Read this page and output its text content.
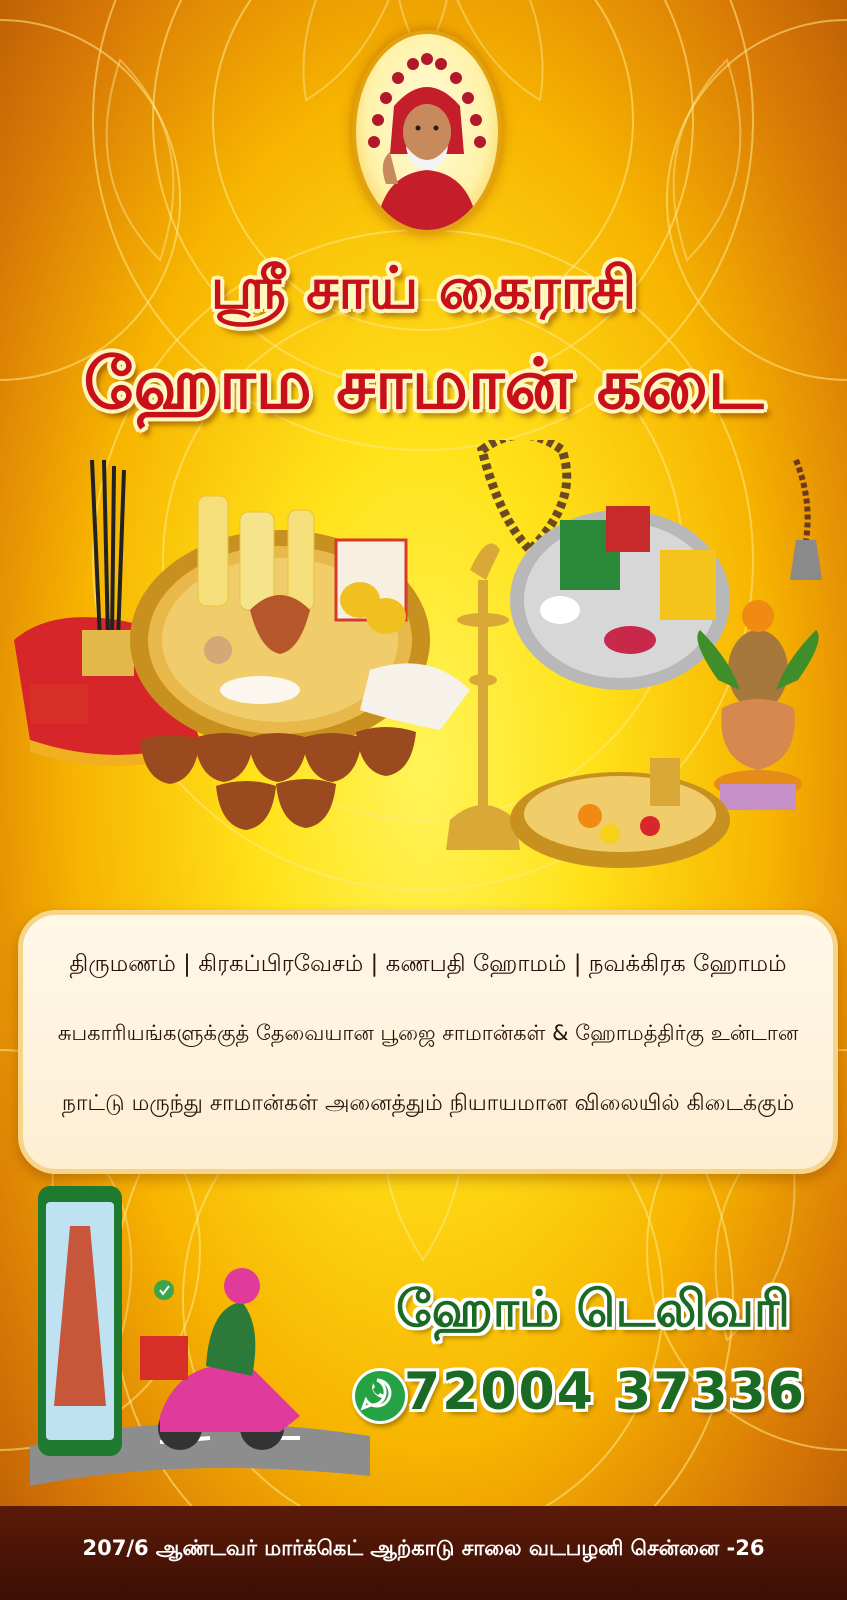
ஸ்ரீ சாய் கைராசி
ஹோம சாமான் கடை
திருமணம் | கிரகப்பிரவேசம் | கணபதி ஹோமம் | நவக்கிரக ஹோமம்
சுபகாரியங்களுக்குத் தேவையான பூஜை சாமான்கள் & ஹோமத்திர்கு உன்டான
நாட்டு மருந்து சாமான்கள் அனைத்தும் நியாயமான விலையில் கிடைக்கும்
ஹோம் டெலிவரி
72004 37336
207/6 ஆண்டவர் மார்க்கெட் ஆற்காடு சாலை வடபழனி சென்னை -26
